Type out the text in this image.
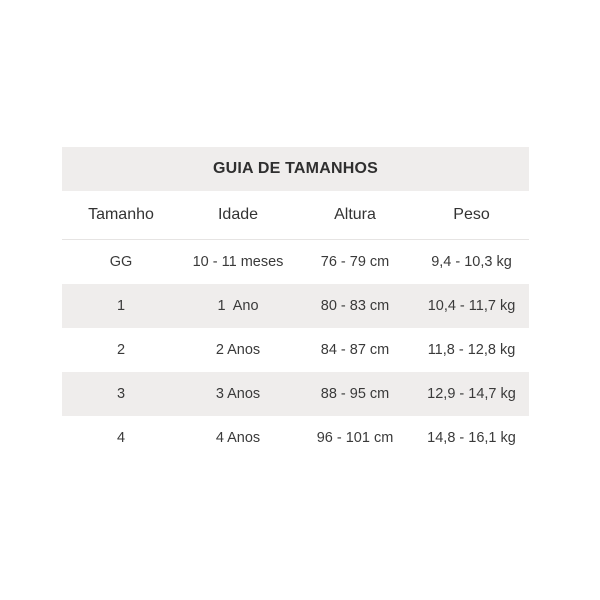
GUIA DE TAMANHOS
Tamanho	Idade	Altura	Peso
GG	10 - 11 meses	76 - 79 cm	9,4 - 10,3 kg
1	1  Ano	80 - 83 cm	10,4 - 11,7 kg
2	2 Anos	84 - 87 cm	11,8 - 12,8 kg
3	3 Anos	88 - 95 cm	12,9 - 14,7 kg
4	4 Anos	96 - 101 cm	14,8 - 16,1 kg
